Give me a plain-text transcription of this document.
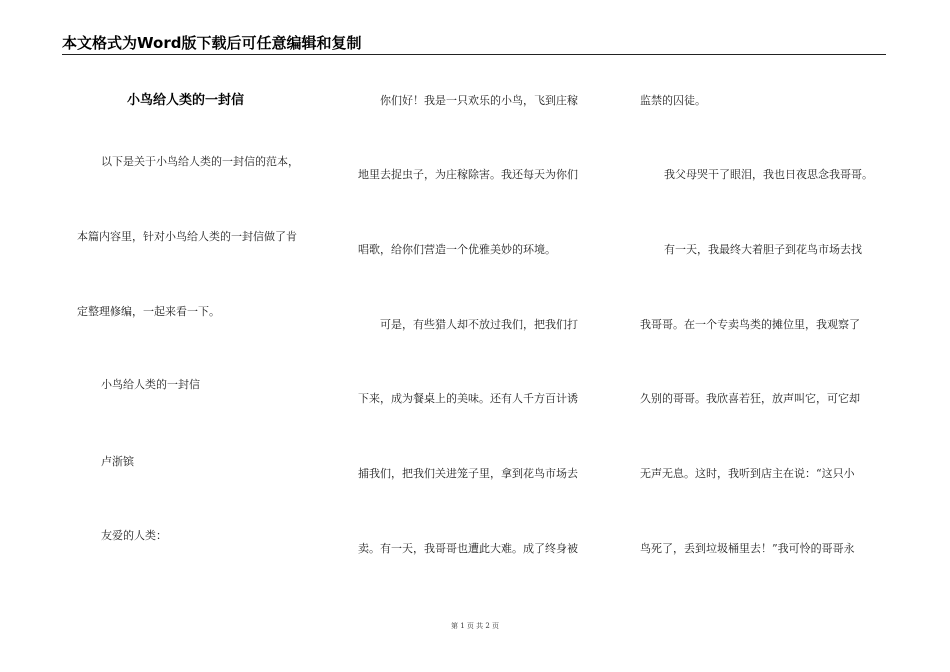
本文格式为Word版下载后可任意编辑和复制
小鸟给人类的一封信
以下是关于小鸟给人类的一封信的范本，
本篇内容里，针对小鸟给人类的一封信做了肯
定整理修编，一起来看一下。
小鸟给人类的一封信
卢浙镔
友爱的人类：
你们好！我是一只欢乐的小鸟，飞到庄稼
地里去捉虫子，为庄稼除害。我还每天为你们
唱歌，给你们营造一个优雅美妙的环境。
可是，有些猎人却不放过我们，把我们打
下来，成为餐桌上的美味。还有人千方百计诱
捕我们，把我们关进笼子里，拿到花鸟市场去
卖。有一天，我哥哥也遭此大难。成了终身被
监禁的囚徒。
我父母哭干了眼泪，我也日夜思念我哥哥。
有一天，我最终大着胆子到花鸟市场去找
我哥哥。在一个专卖鸟类的摊位里，我观察了
久别的哥哥。我欣喜若狂，放声叫它，可它却
无声无息。这时，我听到店主在说：“这只小
鸟死了，丢到垃圾桶里去！”我可怜的哥哥永
第 1 页 共 2 页
